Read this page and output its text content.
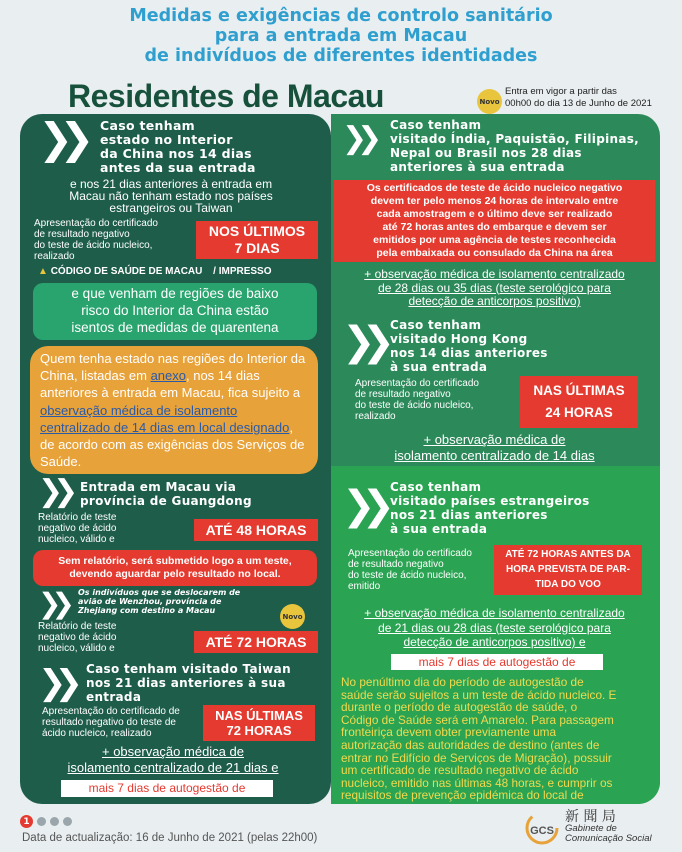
Medidas e exigências de controlo sanitário
para a entrada em Macau
de indivíduos de diferentes identidades
Residentes de Macau	Novo
Entra em vigor a partir das
00h00 do dia 13 de Junho de 2021
❯❯ Caso tenham
estado no Interior
da China nos 14 dias
antes da sua entrada
e nos 21 dias anteriores à entrada em
Macau não tenham estado nos países
estrangeiros ou Taiwan
Apresentação do certificado
de resultado negativo
do teste de ácido nucleico,
realizado
NOS ÚLTIMOS
7 DIAS
▲ CÓDIGO DE SAÚDE DE MACAU / IMPRESSO
e que venham de regiões de baixo
risco do Interior da China estão
isentos de medidas de quarentena
Quem tenha estado nas regiões do Interior da China, listadas em anexo, nos 14 dias anteriores à entrada em Macau, fica sujeito a observação médica de isolamento centralizado de 14 dias em local designado, de acordo com as exigências dos Serviços de Saúde.
❯❯ Entrada em Macau via
província de Guangdong
Relatório de teste
negativo de ácido
nucleico, válido e
ATÉ 48 HORAS
Sem relatório, será submetido logo a um teste,
devendo aguardar pelo resultado no local.
❯❯ Os indivíduos que se deslocarem de
avião de Wenzhou, província de
Zhejiang com destino a Macau
Novo
Relatório de teste
negativo de ácido
nucleico, válido e	ATÉ 72 HORAS
❯❯ Caso tenham visitado Taiwan
nos 21 dias anteriores à sua
entrada
Apresentação do certificado de
resultado negativo do teste de
ácido nucleico, realizado
NAS ÚLTIMAS
72 HORAS
+ observação médica de
isolamento centralizado de 21 dias e
mais 7 dias de autogestão de
❯❯ Caso tenham
visitado Índia, Paquistão, Filipinas,
Nepal ou Brasil nos 28 dias
anteriores à sua entrada
Os certificados de teste de ácido nucleico negativo
devem ter pelo menos 24 horas de intervalo entre
cada amostragem e o último deve ser realizado
até 72 horas antes do embarque e devem ser
emitidos por uma agência de testes reconhecida
pela embaixada ou consulado da China na área
+ observação médica de isolamento centralizado
de 28 dias ou 35 dias (teste serológico para
detecção de anticorpos positivo)
❯❯ Caso tenham
visitado Hong Kong
nos 14 dias anteriores
à sua entrada
Apresentação do certificado
de resultado negativo
do teste de ácido nucleico,
realizado
NAS ÚLTIMAS
24 HORAS
+ observação médica de
isolamento centralizado de 14 dias
❯❯ Caso tenham
visitado países estrangeiros
nos 21 dias anteriores
à sua entrada
Apresentação do certificado
de resultado negativo
do teste de ácido nucleico,
emitido
ATÉ 72 HORAS ANTES DA
HORA PREVISTA DE PAR-
TIDA DO VOO
+ observação médica de isolamento centralizado
de 21 dias ou 28 dias (teste serológico para
detecção de anticorpos positivo) e
mais 7 dias de autogestão de
No penúltimo dia do período de autogestão de
saúde serão sujeitos a um teste de ácido nucleico. E
durante o período de autogestão de saúde, o
Código de Saúde será em Amarelo. Para passagem
fronteiriça devem obter previamente uma
autorização das autoridades de destino (antes de
entrar no Edifício de Serviços de Migração), possuir
um certificado de resultado negativo de ácido
nucleico, emitido nas últimas 48 horas, e cumprir os
requisitos de prevenção epidémica do local de
1
Data de actualização: 16 de Junho de 2021 (pelas 22h00)
GCS
新 聞 局
Gabinete de
Comunicação Social
